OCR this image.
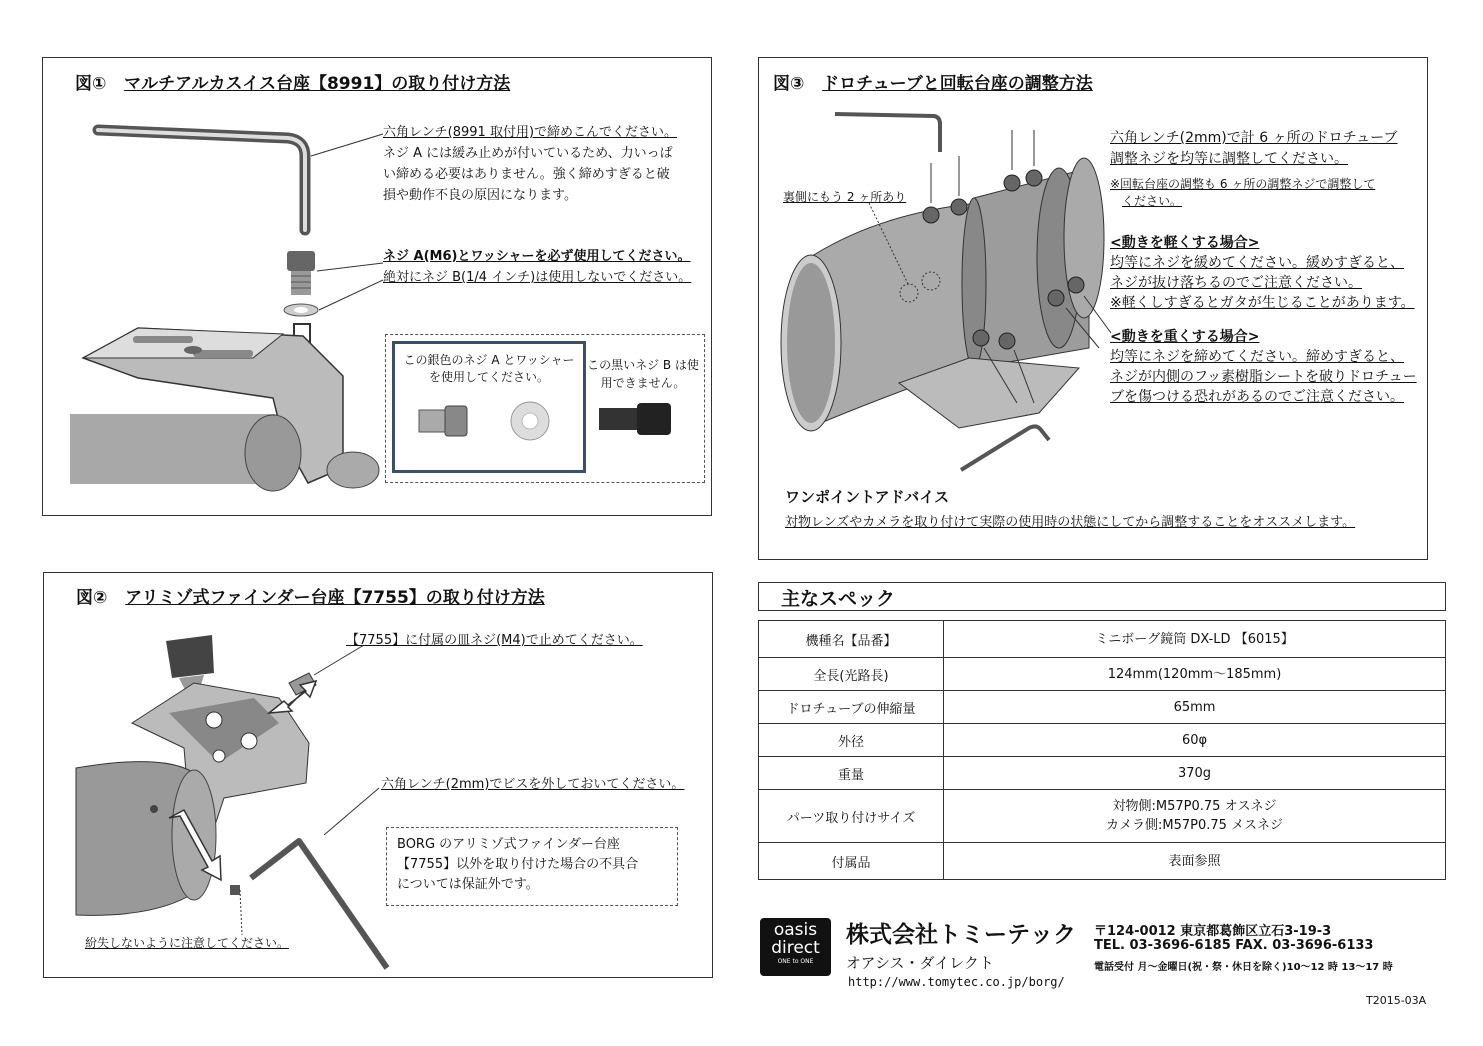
図① マルチアルカスイス台座【8991】の取り付け方法
六角レンチ(8991 取付用)で締めこんでください。
ネジ A には緩み止めが付いているため、力いっぱ
い締める必要はありません。強く締めすぎると破
損や動作不良の原因になります。
ネジ A(M6)とワッシャーを必ず使用してください。
絶対にネジ B(1/4 インチ)は使用しないでください。
この銀色のネジ A とワッシャーを使用してください。
この黒いネジ B は使用できません。
図② アリミゾ式ファインダー台座【7755】の取り付け方法
【7755】に付属の皿ネジ(M4)で止めてください。
六角レンチ(2mm)でビスを外しておいてください。
BORG のアリミゾ式ファインダー台座
【7755】以外を取り付けた場合の不具合
については保証外です。
紛失しないように注意してください。
図③ ドロチューブと回転台座の調整方法
裏側にもう 2 ヶ所あり
六角レンチ(2mm)で計 6 ヶ所のドロチューブ
調整ネジを均等に調整してください。
※回転台座の調整も 6 ヶ所の調整ネジで調整して
ください。
<動きを軽くする場合>
均等にネジを緩めてください。緩めすぎると、
ネジが抜け落ちるのでご注意ください。
※軽くしすぎるとガタが生じることがあります。
<動きを重くする場合>
均等にネジを締めてください。締めすぎると、
ネジが内側のフッ素樹脂シートを破りドロチュー
ブを傷つける恐れがあるのでご注意ください。
ワンポイントアドバイス
対物レンズやカメラを取り付けて実際の使用時の状態にしてから調整することをオススメします。
主なスペック
機種名【品番】	ミニボーグ鏡筒 DX-LD 【6015】

全長(光路長)	124mm(120mm〜185mm)

ドロチューブの伸縮量	65mm

外径	60φ

重量	370g

パーツ取り付けサイズ	対物側:M57P0.75 オスネジ
カメラ側:M57P0.75 メスネジ

付属品	表面参照
oasis
direct
ONE to ONE
株式会社トミーテック
オアシス・ダイレクト
http://www.tomytec.co.jp/borg/
〒124-0012 東京都葛飾区立石3-19-3
TEL. 03-3696-6185 FAX. 03-3696-6133
電話受付 月〜金曜日(祝・祭・休日を除く)10〜12 時 13〜17 時
T2015-03A
